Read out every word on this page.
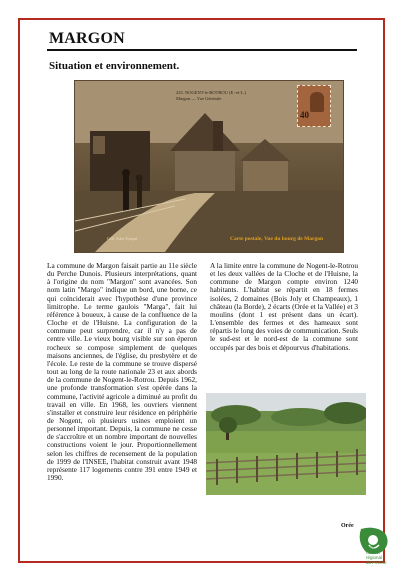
MARGON
Situation et environnement.
225. NOGENT-le-ROTROU (E.-et-L.)
Margon — Vue Générale
40
Coll. Aube Fonqué	Carte postale, Vue du bourg de Margon
La commune de Margon faisait partie au 11e siècle du Perche Dunois. Plusieurs interprétations, quant à l'origine du nom "Margon" sont avancées. Son nom latin "Margo" indique un bord, une borne, ce qui coïnciderait avec l'hypothèse d'une province limitrophe. Le terme gaulois "Marga", fait lui référence à boueux, à cause de la confluence de la Cloche et de l'Huisne. La configuration de la commune peut surprendre, car il n'y a pas de centre ville. Le vieux bourg visible sur son éperon rocheux se compose simplement de quelques maisons anciennes, de l'église, du presbytère et de l'école. Le reste de la commune se trouve dispersé tout au long de la route nationale 23 et aux abords de la commune de Nogent-le-Rotrou. Depuis 1962, une profonde transformation s'est opérée dans la commune, l'activité agricole a diminué au profit du travail en ville. En 1968, les ouvriers viennent s'installer et construire leur résidence en périphérie de Nogent, où plusieurs usines emploient un personnel important. Depuis, la commune ne cesse de s'accroître et un nombre important de nouvelles constructions voient le jour. Proportionnellement selon les chiffres de recensement de la population de 1999 de l'INSEE, l'habitat construit avant 1948 représente 117 logements contre 391 entre 1949 et 1990.
A la limite entre la commune de Nogent-le-Rotrou et les deux vallées de la Cloche et de l'Huisne, la commune de Margon compte environ 1240 habitants. L'habitat se répartit en 18 fermes isolées, 2 domaines (Bois Joly et Champeaux), 1 château (la Borde), 2 écarts (Orée et la Vallée) et 3 moulins (dont 1 est présent dans un écart). L'ensemble des fermes et des hameaux sont répartis le long des voies de communication. Seuls le sud-est et le nord-est de la commune sont occupés par des bois et dépourvus d'habitations.
Orée
Parc
naturel
régional
du Perche
